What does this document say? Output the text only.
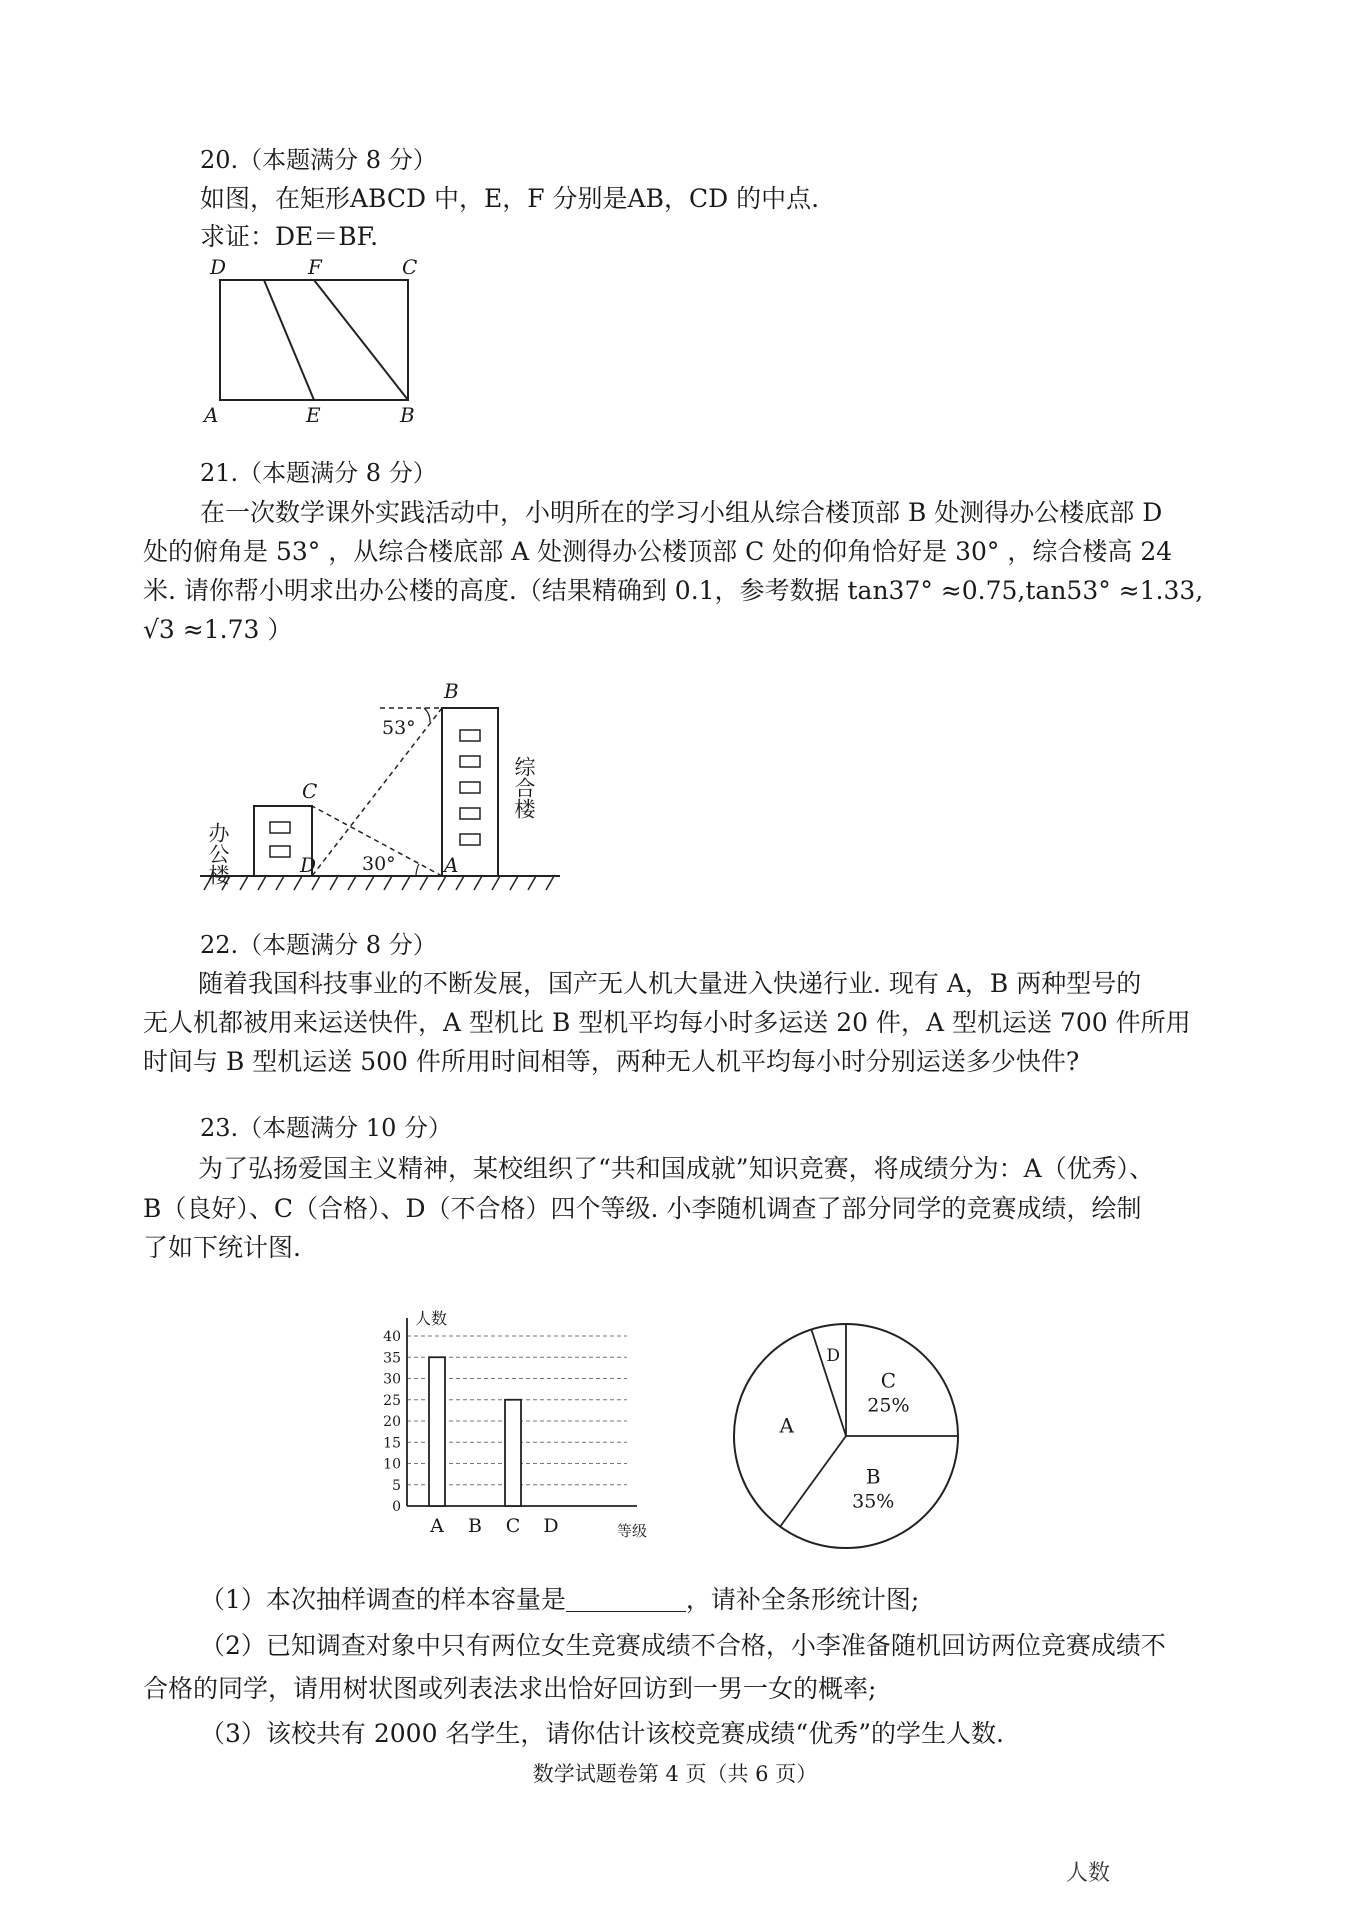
20.（本题满分 8 分）
如图，在矩形ABCD 中，E，F 分别是AB，CD 的中点.
求证：DE＝BF.
D	F	C
A	E	B
21.（本题满分 8 分）
在一次数学课外实践活动中，小明所在的学习小组从综合楼顶部 B 处测得办公楼底部 D
处的俯角是 53° ，从综合楼底部 A 处测得办公楼顶部 C 处的仰角恰好是 30° ，综合楼高 24
米. 请你帮小明求出办公楼的高度.（结果精确到 0.1，参考数据 tan37° ≈0.75,tan53° ≈1.33,
√3 ≈1.73 ）
B
C
D	A
53°
30°
办公楼
综合楼
22.（本题满分 8 分）
随着我国科技事业的不断发展，国产无人机大量进入快递行业. 现有 A，B 两种型号的
无人机都被用来运送快件，A 型机比 B 型机平均每小时多运送 20 件，A 型机运送 700 件所用
时间与 B 型机运送 500 件所用时间相等，两种无人机平均每小时分别运送多少快件?
23.（本题满分 10 分）
为了弘扬爱国主义精神，某校组织了“共和国成就”知识竞赛，将成绩分为：A（优秀）、
B（良好）、C（合格）、D（不合格）四个等级. 小李随机调查了部分同学的竞赛成绩，绘制
了如下统计图.
0
5
10
15
20
25
30
35
40
人数
等级
A B C D
C
25%
B
35%
A
D
（1）本次抽样调查的样本容量是	，请补全条形统计图;
（2）已知调查对象中只有两位女生竞赛成绩不合格，小李准备随机回访两位竞赛成绩不
合格的同学，请用树状图或列表法求出恰好回访到一男一女的概率;
（3）该校共有 2000 名学生，请你估计该校竞赛成绩“优秀”的学生人数.
数学试题卷第 4 页（共 6 页）
人数
